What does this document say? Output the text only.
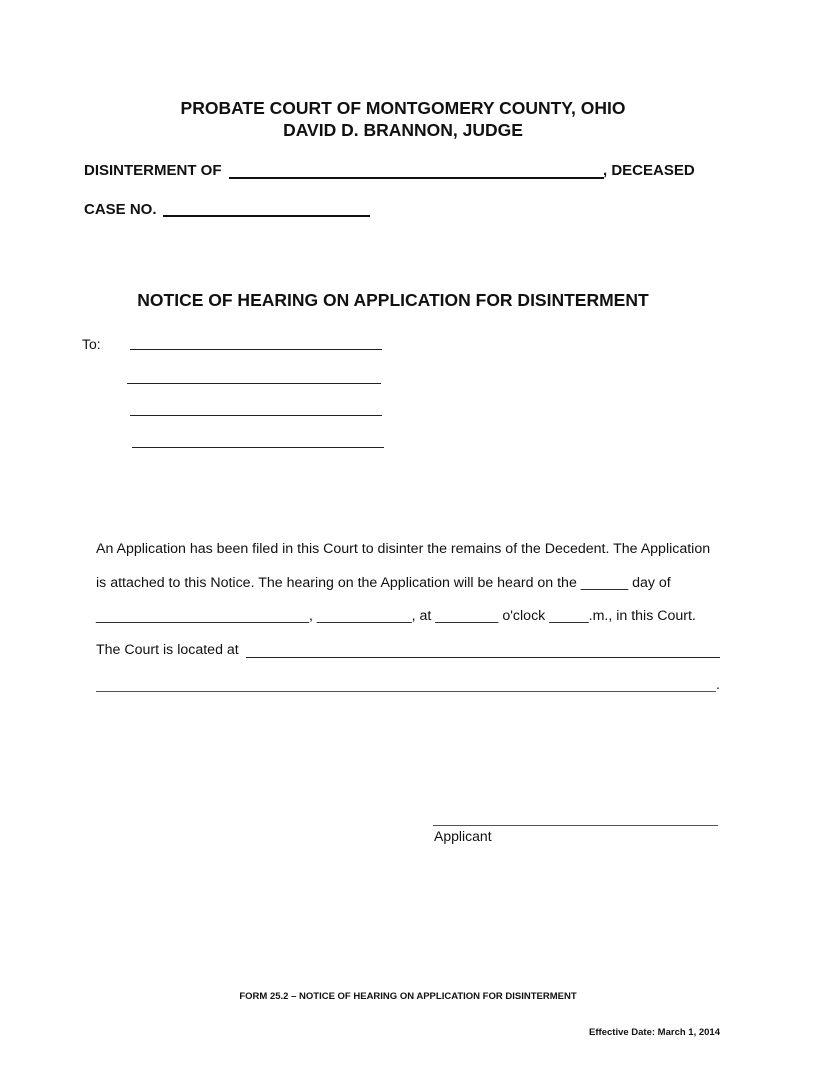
PROBATE COURT OF MONTGOMERY COUNTY, OHIO
DAVID D. BRANNON, JUDGE
DISINTERMENT OF	, DECEASED
CASE NO.
NOTICE OF HEARING ON APPLICATION FOR DISINTERMENT
To:
An Application has been filed in this Court to disinter the remains of the Decedent. The Application
is attached to this Notice. The hearing on the Application will be heard on the ______ day of
___________________________, ____________, at ________ o'clock _____.m., in this Court.
The Court is located at
.
Applicant
FORM 25.2 – NOTICE OF HEARING ON APPLICATION FOR DISINTERMENT
Effective Date: March 1, 2014
